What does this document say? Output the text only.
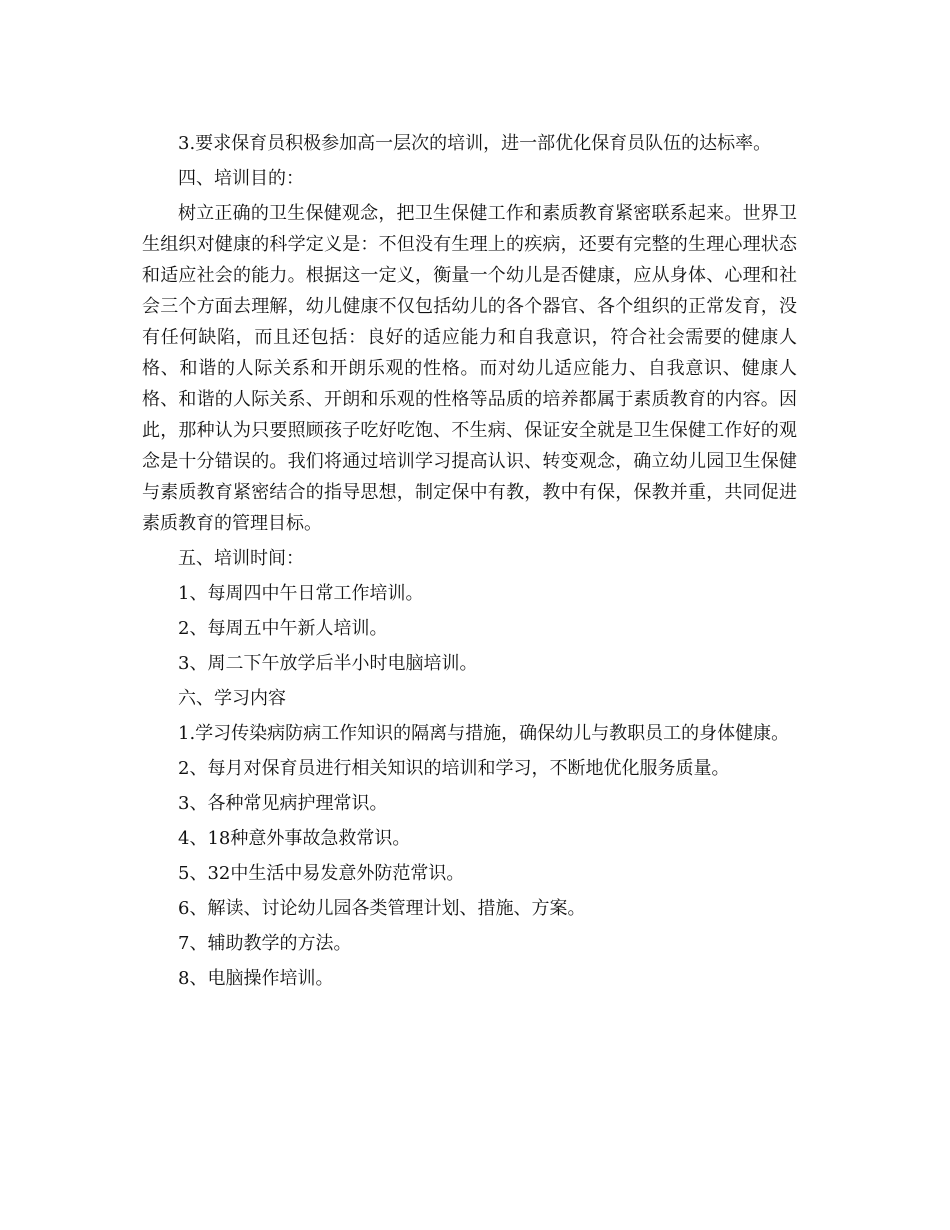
3.要求保育员积极参加高一层次的培训，进一部优化保育员队伍的达标率。

四、培训目的：

树立正确的卫生保健观念，把卫生保健工作和素质教育紧密联系起来。世界卫生组织对健康的科学定义是：不但没有生理上的疾病，还要有完整的生理心理状态和适应社会的能力。根据这一定义，衡量一个幼儿是否健康，应从身体、心理和社会三个方面去理解，幼儿健康不仅包括幼儿的各个器官、各个组织的正常发育，没有任何缺陷，而且还包括：良好的适应能力和自我意识，符合社会需要的健康人格、和谐的人际关系和开朗乐观的性格。而对幼儿适应能力、自我意识、健康人格、和谐的人际关系、开朗和乐观的性格等品质的培养都属于素质教育的内容。因此，那种认为只要照顾孩子吃好吃饱、不生病、保证安全就是卫生保健工作好的观念是十分错误的。我们将通过培训学习提高认识、转变观念，确立幼儿园卫生保健与素质教育紧密结合的指导思想，制定保中有教，教中有保，保教并重，共同促进素质教育的管理目标。

五、培训时间：

1、每周四中午日常工作培训。

2、每周五中午新人培训。

3、周二下午放学后半小时电脑培训。

六、学习内容

1.学习传染病防病工作知识的隔离与措施，确保幼儿与教职员工的身体健康。

2、每月对保育员进行相关知识的培训和学习，不断地优化服务质量。

3、各种常见病护理常识。

4、18种意外事故急救常识。

5、32中生活中易发意外防范常识。

6、解读、讨论幼儿园各类管理计划、措施、方案。

7、辅助教学的方法。

8、电脑操作培训。
